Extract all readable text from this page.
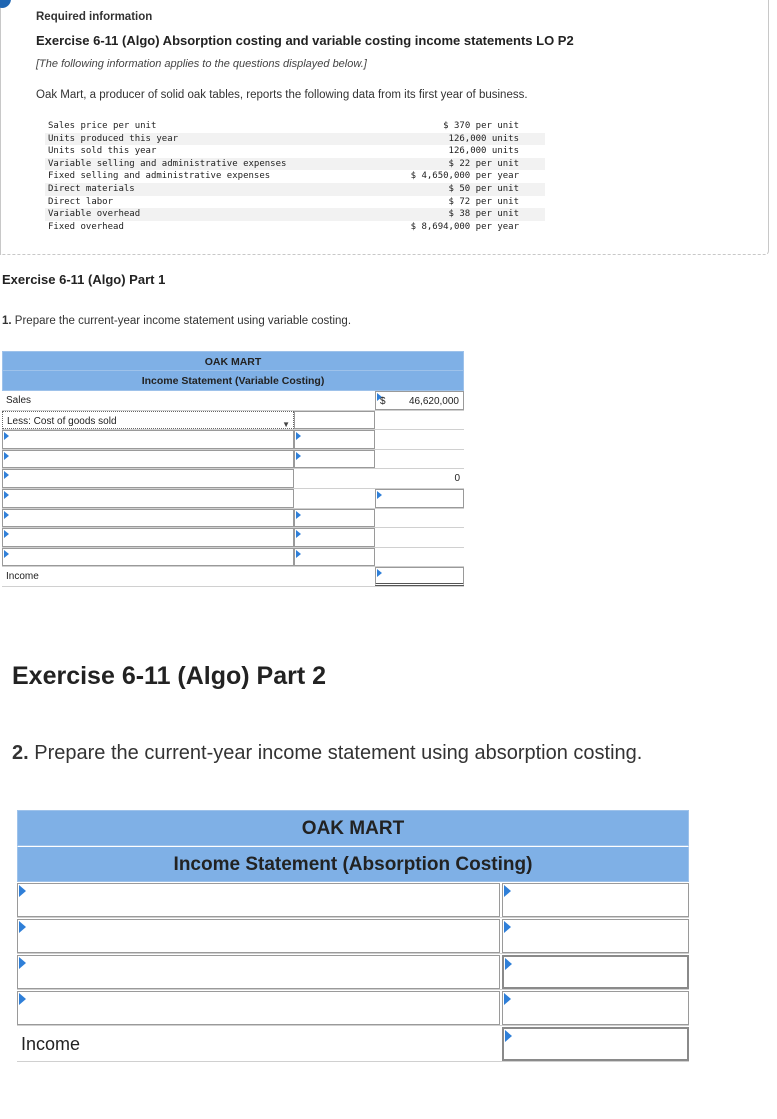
Required information
Exercise 6-11 (Algo) Absorption costing and variable costing income statements LO P2
[The following information applies to the questions displayed below.]
Oak Mart, a producer of solid oak tables, reports the following data from its first year of business.
Sales price per unit	$ 370 per unit
Units produced this year	126,000 units
Units sold this year	126,000 units
Variable selling and administrative expenses	$ 22 per unit
Fixed selling and administrative expenses	$ 4,650,000 per year
Direct materials	$ 50 per unit
Direct labor	$ 72 per unit
Variable overhead	$ 38 per unit
Fixed overhead	$ 8,694,000 per year
Exercise 6-11 (Algo) Part 1
1. Prepare the current-year income statement using variable costing.
OAK MART
Income Statement (Variable Costing)
Sales	$ 46,620,000
Less: Cost of goods sold	▼
0
Income
Exercise 6-11 (Algo) Part 2
2. Prepare the current-year income statement using absorption costing.
OAK MART
Income Statement (Absorption Costing)
Income
